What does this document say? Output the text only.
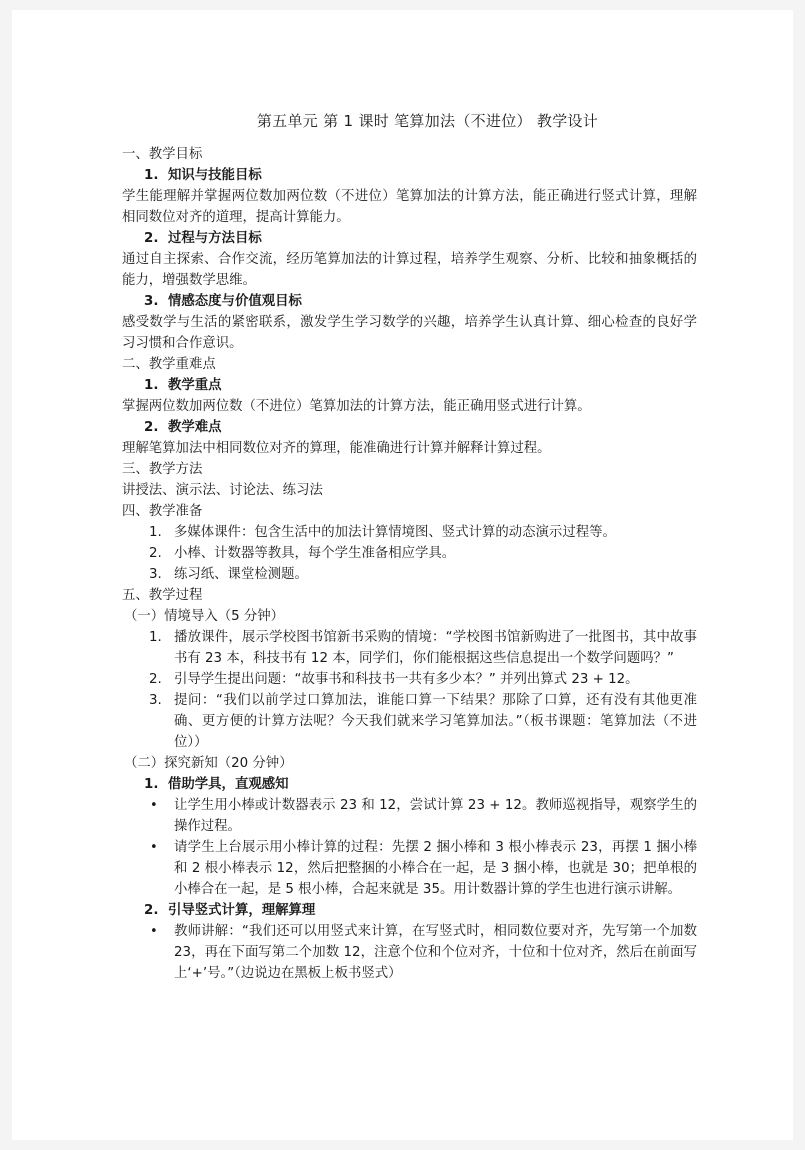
第五单元 第 1 课时 笔算加法（不进位） 教学设计

一、教学目标

1. 知识与技能目标

学生能理解并掌握两位数加两位数（不进位）笔算加法的计算方法，能正确进行竖式计算，理解相同数位对齐的道理，提高计算能力。

2. 过程与方法目标

通过自主探索、合作交流，经历笔算加法的计算过程，培养学生观察、分析、比较和抽象概括的能力，增强数学思维。

3. 情感态度与价值观目标

感受数学与生活的紧密联系，激发学生学习数学的兴趣，培养学生认真计算、细心检查的良好学习习惯和合作意识。

二、教学重难点

1. 教学重点

掌握两位数加两位数（不进位）笔算加法的计算方法，能正确用竖式进行计算。

2. 教学难点

理解笔算加法中相同数位对齐的算理，能准确进行计算并解释计算过程。

三、教学方法

讲授法、演示法、讨论法、练习法

四、教学准备

1. 多媒体课件：包含生活中的加法计算情境图、竖式计算的动态演示过程等。
2. 小棒、计数器等教具，每个学生准备相应学具。
3. 练习纸、课堂检测题。

五、教学过程

（一）情境导入（5 分钟）

1. 播放课件，展示学校图书馆新书采购的情境：“学校图书馆新购进了一批图书，其中故事书有 23 本，科技书有 12 本，同学们，你们能根据这些信息提出一个数学问题吗？”
2. 引导学生提出问题：“故事书和科技书一共有多少本？” 并列出算式 23 + 12。
3. 提问：“我们以前学过口算加法，谁能口算一下结果？那除了口算，还有没有其他更准确、更方便的计算方法呢？今天我们就来学习笔算加法。”（板书课题：笔算加法（不进位））

（二）探究新知（20 分钟）

1. 借助学具，直观感知

• 让学生用小棒或计数器表示 23 和 12，尝试计算 23 + 12。教师巡视指导，观察学生的操作过程。
• 请学生上台展示用小棒计算的过程：先摆 2 捆小棒和 3 根小棒表示 23，再摆 1 捆小棒和 2 根小棒表示 12，然后把整捆的小棒合在一起，是 3 捆小棒，也就是 30；把单根的小棒合在一起，是 5 根小棒，合起来就是 35。用计数器计算的学生也进行演示讲解。

2. 引导竖式计算，理解算理

• 教师讲解：“我们还可以用竖式来计算，在写竖式时，相同数位要对齐，先写第一个加数 23，再在下面写第二个加数 12，注意个位和个位对齐，十位和十位对齐，然后在前面写上‘+’号。”（边说边在黑板上板书竖式）
